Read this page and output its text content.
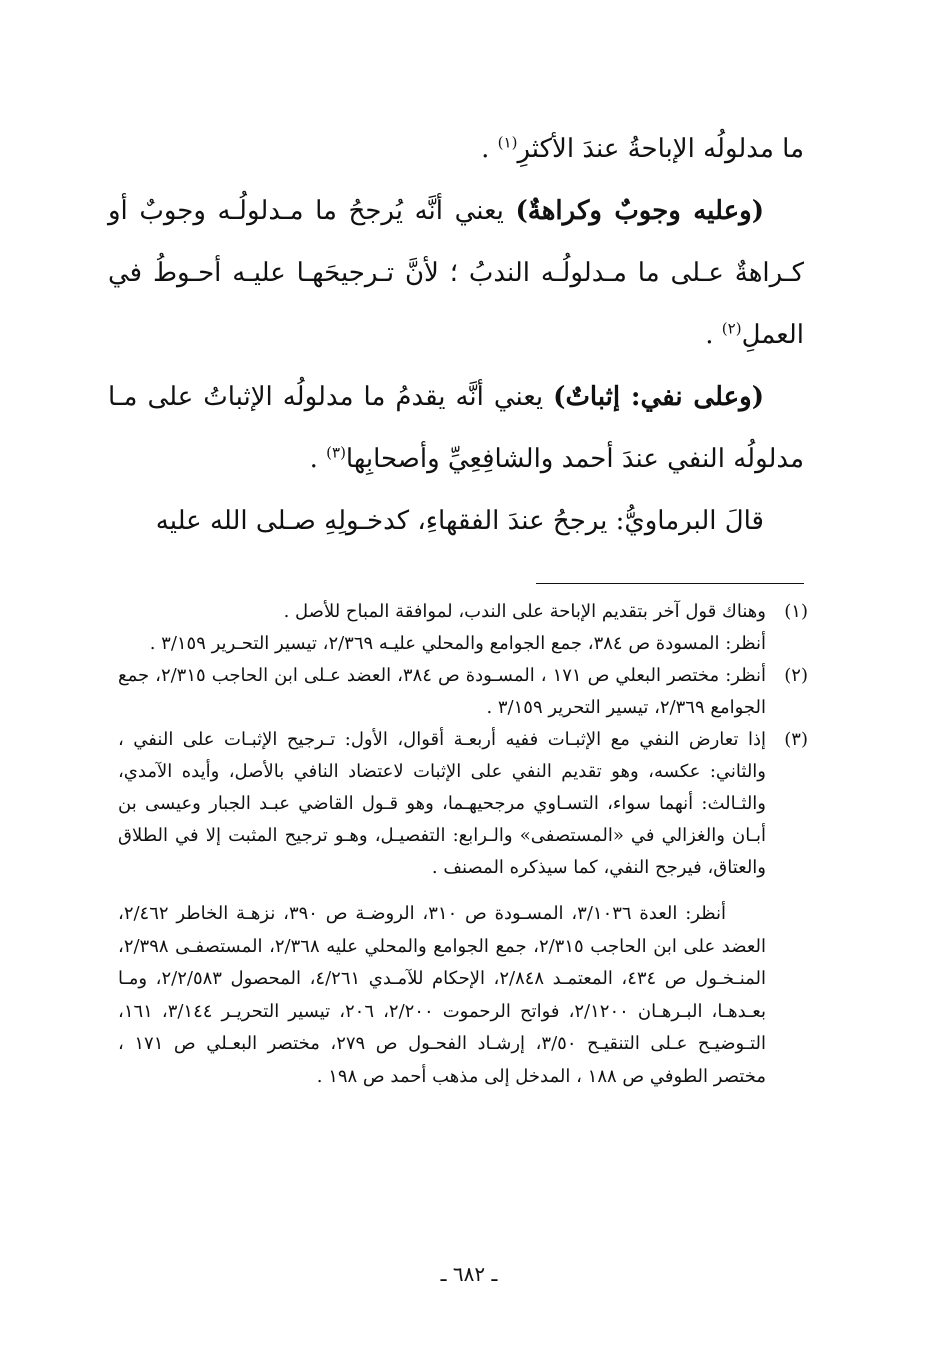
ما مدلولُه الإباحةُ عندَ الأكثرِ$^{(١)}$ .

(وعليه وجوبٌ وكراهةٌ) يعني أنَّه يُرجحُ ما مـدلولُـه وجوبٌ أو كـراهةٌ عـلى ما مـدلولُـه الندبُ ؛ لأنَّ تـرجيحَهـا عليـه أحـوطُ في العملِ$^{(٢)}$ .

(وعلى نفي: إثباتٌ) يعني أنَّه يقدمُ ما مدلولُه الإثباتُ على مـا مدلولُه النفي عندَ أحمد والشافِعِيِّ وأصحابِها$^{(٣)}$ .

قالَ البرماويُّ: يرجحُ عندَ الفقهاءِ، كدخـولِهِ صـلى الله عليه

(١)

وهناك قول آخر بتقديم الإباحة على الندب، لموافقة المباح للأصل .

أنظر: المسودة ص ٣٨٤، جمع الجوامع والمحلي عليـه ٢/٣٦٩، تيسير التحـرير ٣/١٥٩ .

(٢)

أنظر: مختصر البعلي ص ١٧١ ، المسـودة ص ٣٨٤، العضد عـلى ابن الحاجب ٢/٣١٥، جمع الجوامع ٢/٣٦٩، تيسير التحرير ٣/١٥٩ .

(٣)

إذا تعارض النفي مع الإثبـات ففيه أربعـة أقوال، الأول: تـرجيح الإثبـات على النفي ، والثاني: عكسه، وهو تقديم النفي على الإثبات لاعتضاد النافي بالأصل، وأيده الآمدي، والثـالث: أنهما سواء، التسـاوي مرجحيهـما، وهو قـول القاضي عبـد الجبار وعيسى بن أبـان والغزالي في «المستصفى» والـرابع: التفصيـل، وهـو ترجيح المثبت إلا في الطلاق والعتاق، فيرجح النفي، كما سيذكره المصنف .

أنظر: العدة ٣/١٠٣٦، المسـودة ص ٣١٠، الروضـة ص ٣٩٠، نزهـة الخاطر ٢/٤٦٢، العضد على ابن الحاجب ٢/٣١٥، جمع الجوامع والمحلي عليه ٢/٣٦٨، المستصفـى ٢/٣٩٨، المنـخـول ص ٤٣٤، المعتمـد ٢/٨٤٨، الإحكام للآمـدي ٤/٢٦١، المحصول ٢/٢/٥٨٣، ومـا بعـدهـا، البـرهـان ٢/١٢٠٠، فواتح الرحموت ٢/٢٠٠، ٢٠٦، تيسير التحريـر ٣/١٤٤، ١٦١، التـوضيـح عـلى التنقيـح ٣/٥٠، إرشـاد الفحـول ص ٢٧٩، مختصر البعـلي ص ١٧١ ، مختصر الطوفي ص ١٨٨ ، المدخل إلى مذهب أحمد ص ١٩٨ .

ـ ٦٨٢ ـ
